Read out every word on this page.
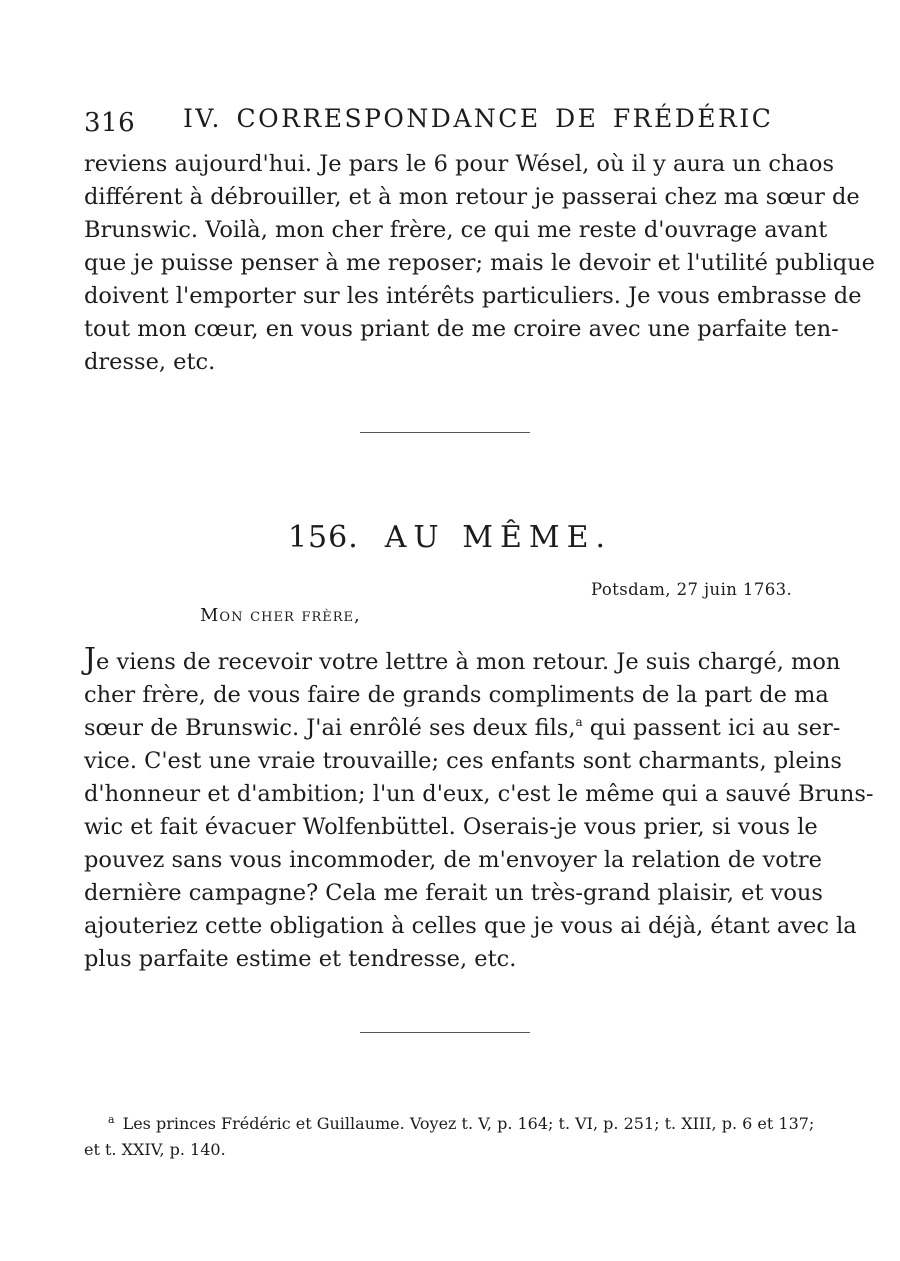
316 IV. CORRESPONDANCE DE FRÉDÉRIC
reviens aujourd'hui. Je pars le 6 pour Wésel, où il y aura un chaos
différent à débrouiller, et à mon retour je passerai chez ma sœur de
Brunswic. Voilà, mon cher frère, ce qui me reste d'ouvrage avant
que je puisse penser à me reposer; mais le devoir et l'utilité publique
doivent l'emporter sur les intérêts particuliers. Je vous embrasse de
tout mon cœur, en vous priant de me croire avec une parfaite ten-
dresse, etc.
156. AU MÊME.
Potsdam, 27 juin 1763.
Mon cher frère,
Je viens de recevoir votre lettre à mon retour. Je suis chargé, mon
cher frère, de vous faire de grands compliments de la part de ma
sœur de Brunswic. J'ai enrôlé ses deux fils,$^a$ qui passent ici au ser-
vice. C'est une vraie trouvaille; ces enfants sont charmants, pleins
d'honneur et d'ambition; l'un d'eux, c'est le même qui a sauvé Bruns-
wic et fait évacuer Wolfenbüttel. Oserais-je vous prier, si vous le
pouvez sans vous incommoder, de m'envoyer la relation de votre
dernière campagne? Cela me ferait un très-grand plaisir, et vous
ajouteriez cette obligation à celles que je vous ai déjà, étant avec la
plus parfaite estime et tendresse, etc.
$^a$ Les princes Frédéric et Guillaume. Voyez t. V, p. 164; t. VI, p. 251; t. XIII, p. 6 et 137;
et t. XXIV, p. 140.
